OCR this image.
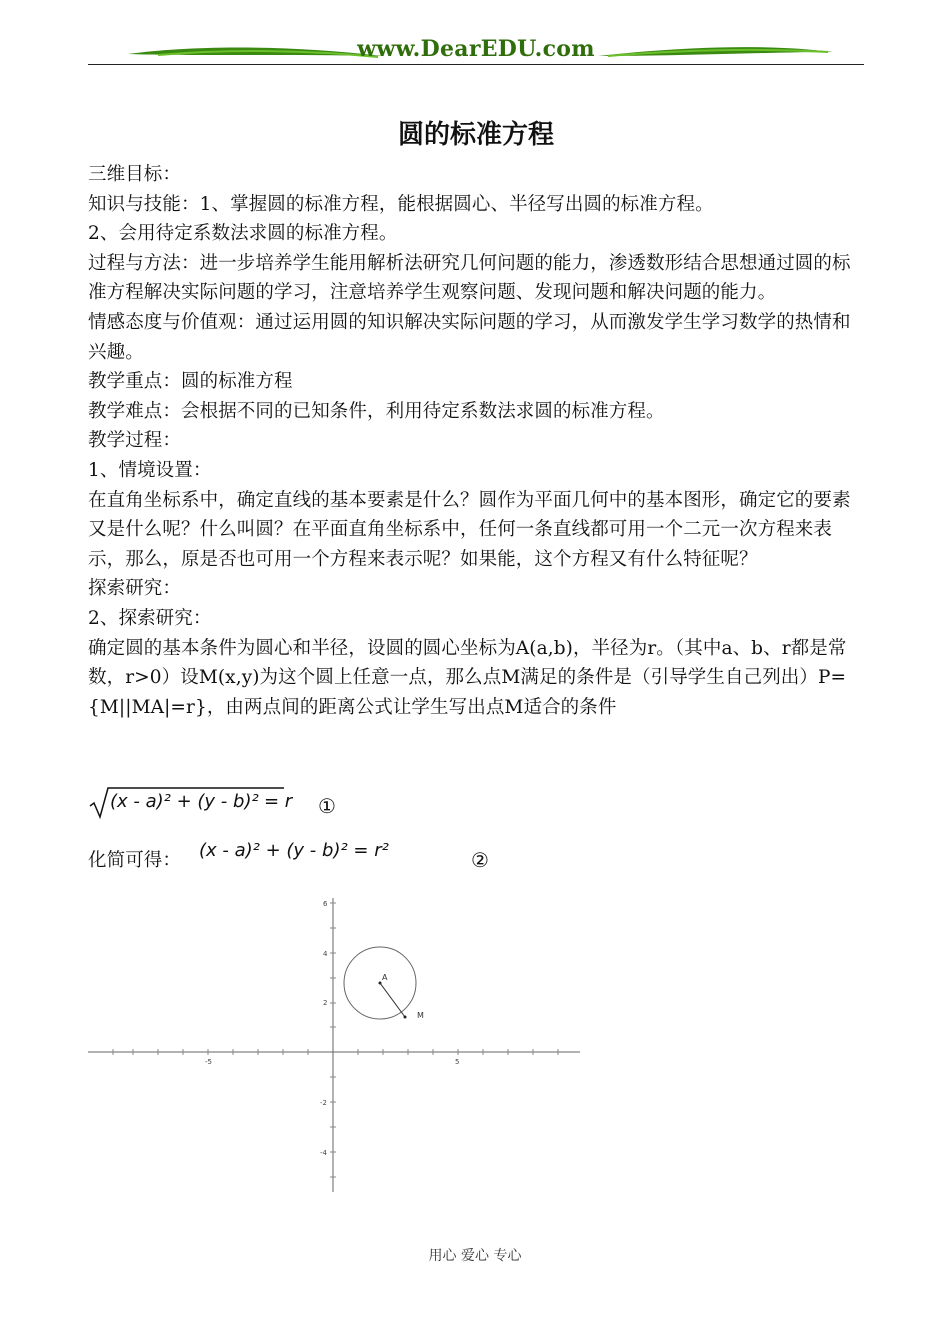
www.DearEDU.com
圆的标准方程

三维目标：

知识与技能：1、掌握圆的标准方程，能根据圆心、半径写出圆的标准方程。

2、会用待定系数法求圆的标准方程。

过程与方法：进一步培养学生能用解析法研究几何问题的能力，渗透数形结合思想通过圆的标准方程解决实际问题的学习，注意培养学生观察问题、发现问题和解决问题的能力。

情感态度与价值观：通过运用圆的知识解决实际问题的学习，从而激发学生学习数学的热情和兴趣。

教学重点：圆的标准方程

教学难点：会根据不同的已知条件，利用待定系数法求圆的标准方程。

教学过程：

1、情境设置：

在直角坐标系中，确定直线的基本要素是什么？圆作为平面几何中的基本图形，确定它的要素又是什么呢？什么叫圆？在平面直角坐标系中，任何一条直线都可用一个二元一次方程来表示，那么，原是否也可用一个方程来表示呢？如果能，这个方程又有什么特征呢？

探索研究：

2、探索研究：

确定圆的基本条件为圆心和半径，设圆的圆心坐标为A(a,b)，半径为r。（其中a、b、r都是常数，r>0）设M(x,y)为这个圆上任意一点，那么点M满足的条件是（引导学生自己列出）P={M||MA|=r}，由两点间的距离公式让学生写出点M适合的条件

(x - a)² + (y - b)² = r ①
化简可得： (x - a)² + (y - b)² = r²	②
-5	5
6
4
2
-2
-4
A
M
用心 爱心 专心
